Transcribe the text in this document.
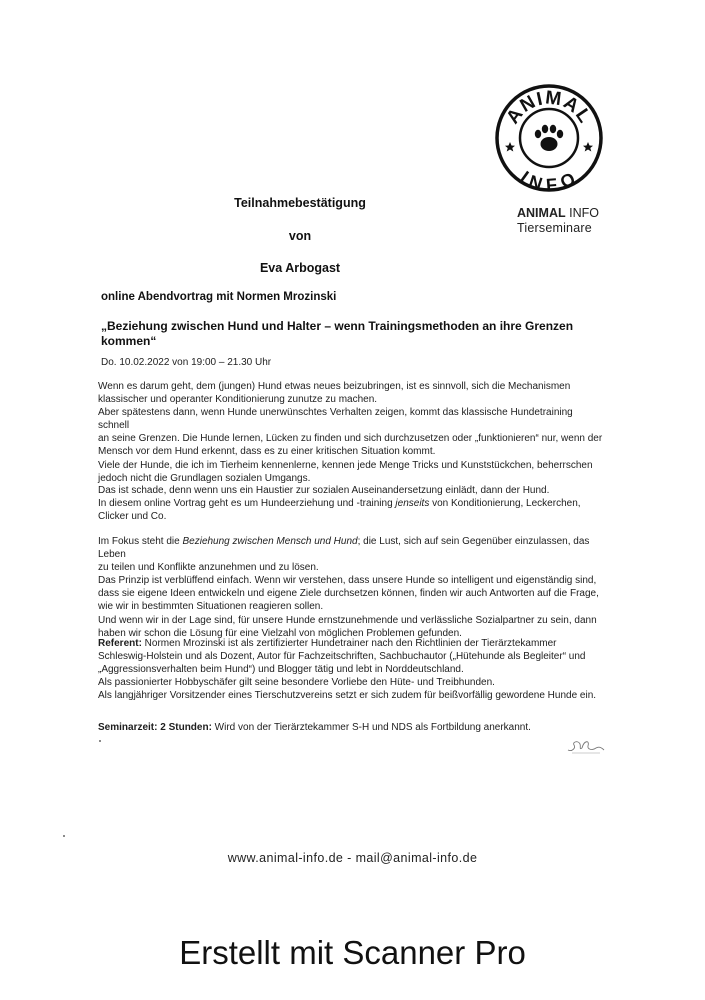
ANIMAL
INFO
ANIMAL INFO
Tierseminare
Teilnahmebestätigung
von
Eva Arbogast
online Abendvortrag mit Normen Mrozinski
„Beziehung zwischen Hund und Halter – wenn Trainingsmethoden an ihre Grenzen
kommen“
Do. 10.02.2022 von 19:00 – 21.30 Uhr
Wenn es darum geht, dem (jungen) Hund etwas neues beizubringen, ist es sinnvoll, sich die Mechanismen
klassischer und operanter Konditionierung zunutze zu machen.
Aber spätestens dann, wenn Hunde unerwünschtes Verhalten zeigen, kommt das klassische Hundetraining schnell
an seine Grenzen. Die Hunde lernen, Lücken zu finden und sich durchzusetzen oder „funktionieren“ nur, wenn der
Mensch vor dem Hund erkennt, dass es zu einer kritischen Situation kommt.
Viele der Hunde, die ich im Tierheim kennenlerne, kennen jede Menge Tricks und Kunststückchen, beherrschen
jedoch nicht die Grundlagen sozialen Umgangs.
Das ist schade, denn wenn uns ein Haustier zur sozialen Auseinandersetzung einlädt, dann der Hund.
In diesem online Vortrag geht es um Hundeerziehung und -training jenseits von Konditionierung, Leckerchen,
Clicker und Co.
Im Fokus steht die Beziehung zwischen Mensch und Hund; die Lust, sich auf sein Gegenüber einzulassen, das Leben
zu teilen und Konflikte anzunehmen und zu lösen.
Das Prinzip ist verblüffend einfach. Wenn wir verstehen, dass unsere Hunde so intelligent und eigenständig sind,
dass sie eigene Ideen entwickeln und eigene Ziele durchsetzen können, finden wir auch Antworten auf die Frage,
wie wir in bestimmten Situationen reagieren sollen.
Und wenn wir in der Lage sind, für unsere Hunde ernstzunehmende und verlässliche Sozialpartner zu sein, dann
haben wir schon die Lösung für eine Vielzahl von möglichen Problemen gefunden.
Referent: Normen Mrozinski ist als zertifizierter Hundetrainer nach den Richtlinien der Tierärztekammer
Schleswig-Holstein und als Dozent, Autor für Fachzeitschriften, Sachbuchautor („Hütehunde als Begleiter“ und
„Aggressionsverhalten beim Hund“) und Blogger tätig und lebt in Norddeutschland.
Als passionierter Hobbyschäfer gilt seine besondere Vorliebe den Hüte- und Treibhunden.
Als langjähriger Vorsitzender eines Tierschutzvereins setzt er sich zudem für beißvorfällig gewordene Hunde ein.
Seminarzeit: 2 Stunden: Wird von der Tierärztekammer S-H und NDS als Fortbildung anerkannt.
www.animal-info.de - mail@animal-info.de
Erstellt mit Scanner Pro
